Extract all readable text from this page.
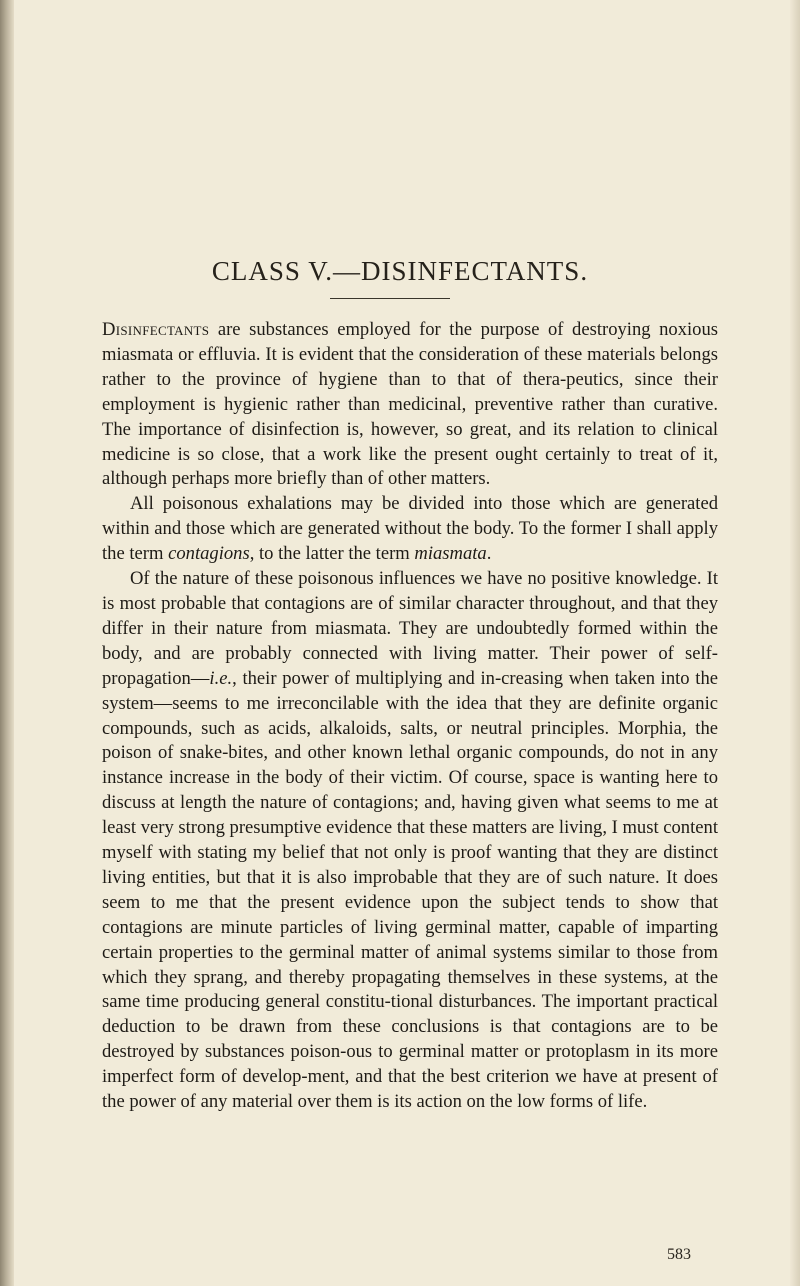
CLASS V.—DISINFECTANTS.

Disinfectants are substances employed for the purpose of destroying noxious miasmata or effluvia. It is evident that the consideration of these materials belongs rather to the province of hygiene than to that of thera-peutics, since their employment is hygienic rather than medicinal, preventive rather than curative. The importance of disinfection is, however, so great, and its relation to clinical medicine is so close, that a work like the present ought certainly to treat of it, although perhaps more briefly than of other matters.

All poisonous exhalations may be divided into those which are generated within and those which are generated without the body. To the former I shall apply the term contagions, to the latter the term miasmata.

Of the nature of these poisonous influences we have no positive knowledge. It is most probable that contagions are of similar character throughout, and that they differ in their nature from miasmata. They are undoubtedly formed within the body, and are probably connected with living matter. Their power of self-propagation—i.e., their power of multiplying and in-creasing when taken into the system—seems to me irreconcilable with the idea that they are definite organic compounds, such as acids, alkaloids, salts, or neutral principles. Morphia, the poison of snake-bites, and other known lethal organic compounds, do not in any instance increase in the body of their victim. Of course, space is wanting here to discuss at length the nature of contagions; and, having given what seems to me at least very strong presumptive evidence that these matters are living, I must content myself with stating my belief that not only is proof wanting that they are distinct living entities, but that it is also improbable that they are of such nature. It does seem to me that the present evidence upon the subject tends to show that contagions are minute particles of living germinal matter, capable of imparting certain properties to the germinal matter of animal systems similar to those from which they sprang, and thereby propagating themselves in these systems, at the same time producing general constitu-tional disturbances. The important practical deduction to be drawn from these conclusions is that contagions are to be destroyed by substances poison-ous to germinal matter or protoplasm in its more imperfect form of develop-ment, and that the best criterion we have at present of the power of any material over them is its action on the low forms of life.

583
